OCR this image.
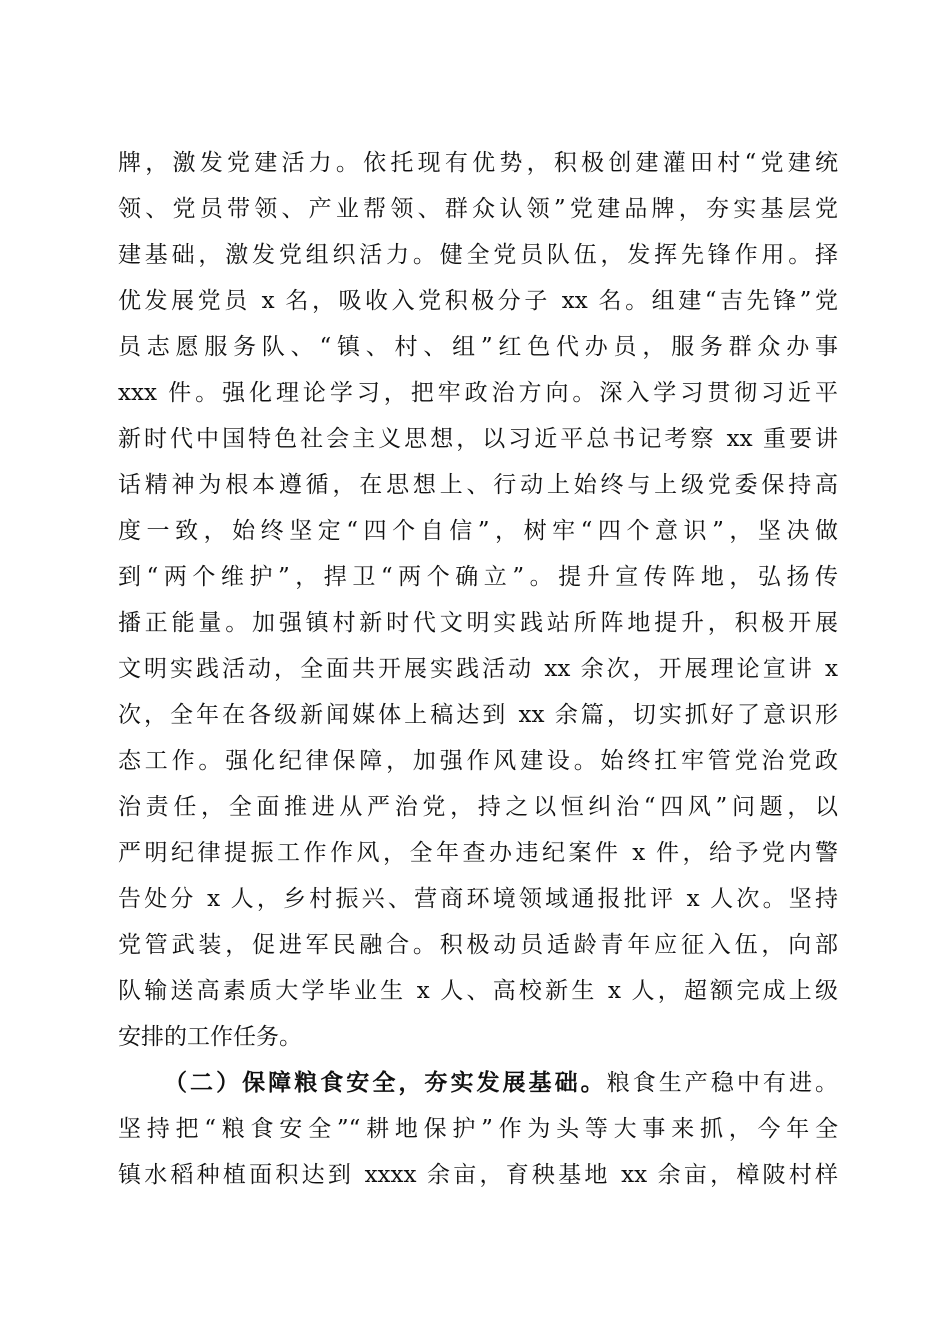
牌，激发党建活力。依托现有优势，积极创建灌田村“党建统
领、党员带领、产业帮领、群众认领”党建品牌，夯实基层党
建基础，激发党组织活力。健全党员队伍，发挥先锋作用。择
优发展党员 x 名，吸收入党积极分子 xx 名。组建“吉先锋”党
员志愿服务队、“镇、村、组”红色代办员，服务群众办事
xxx 件。强化理论学习，把牢政治方向。深入学习贯彻习近平
新时代中国特色社会主义思想，以习近平总书记考察 xx 重要讲
话精神为根本遵循，在思想上、行动上始终与上级党委保持高
度一致，始终坚定“四个自信”，树牢“四个意识”，坚决做
到“两个维护”，捍卫“两个确立”。提升宣传阵地，弘扬传
播正能量。加强镇村新时代文明实践站所阵地提升，积极开展
文明实践活动，全面共开展实践活动 xx 余次，开展理论宣讲 x
次，全年在各级新闻媒体上稿达到 xx 余篇，切实抓好了意识形
态工作。强化纪律保障，加强作风建设。始终扛牢管党治党政
治责任，全面推进从严治党，持之以恒纠治“四风”问题，以
严明纪律提振工作作风，全年查办违纪案件 x 件，给予党内警
告处分 x 人，乡村振兴、营商环境领域通报批评 x 人次。坚持
党管武装，促进军民融合。积极动员适龄青年应征入伍，向部
队输送高素质大学毕业生 x 人、高校新生 x 人，超额完成上级
安排的工作任务。
（二）保障粮食安全，夯实发展基础。粮食生产稳中有进。
坚持把“粮食安全”“耕地保护”作为头等大事来抓，今年全
镇水稻种植面积达到 xxxx 余亩，育秧基地 xx 余亩，樟陂村样
